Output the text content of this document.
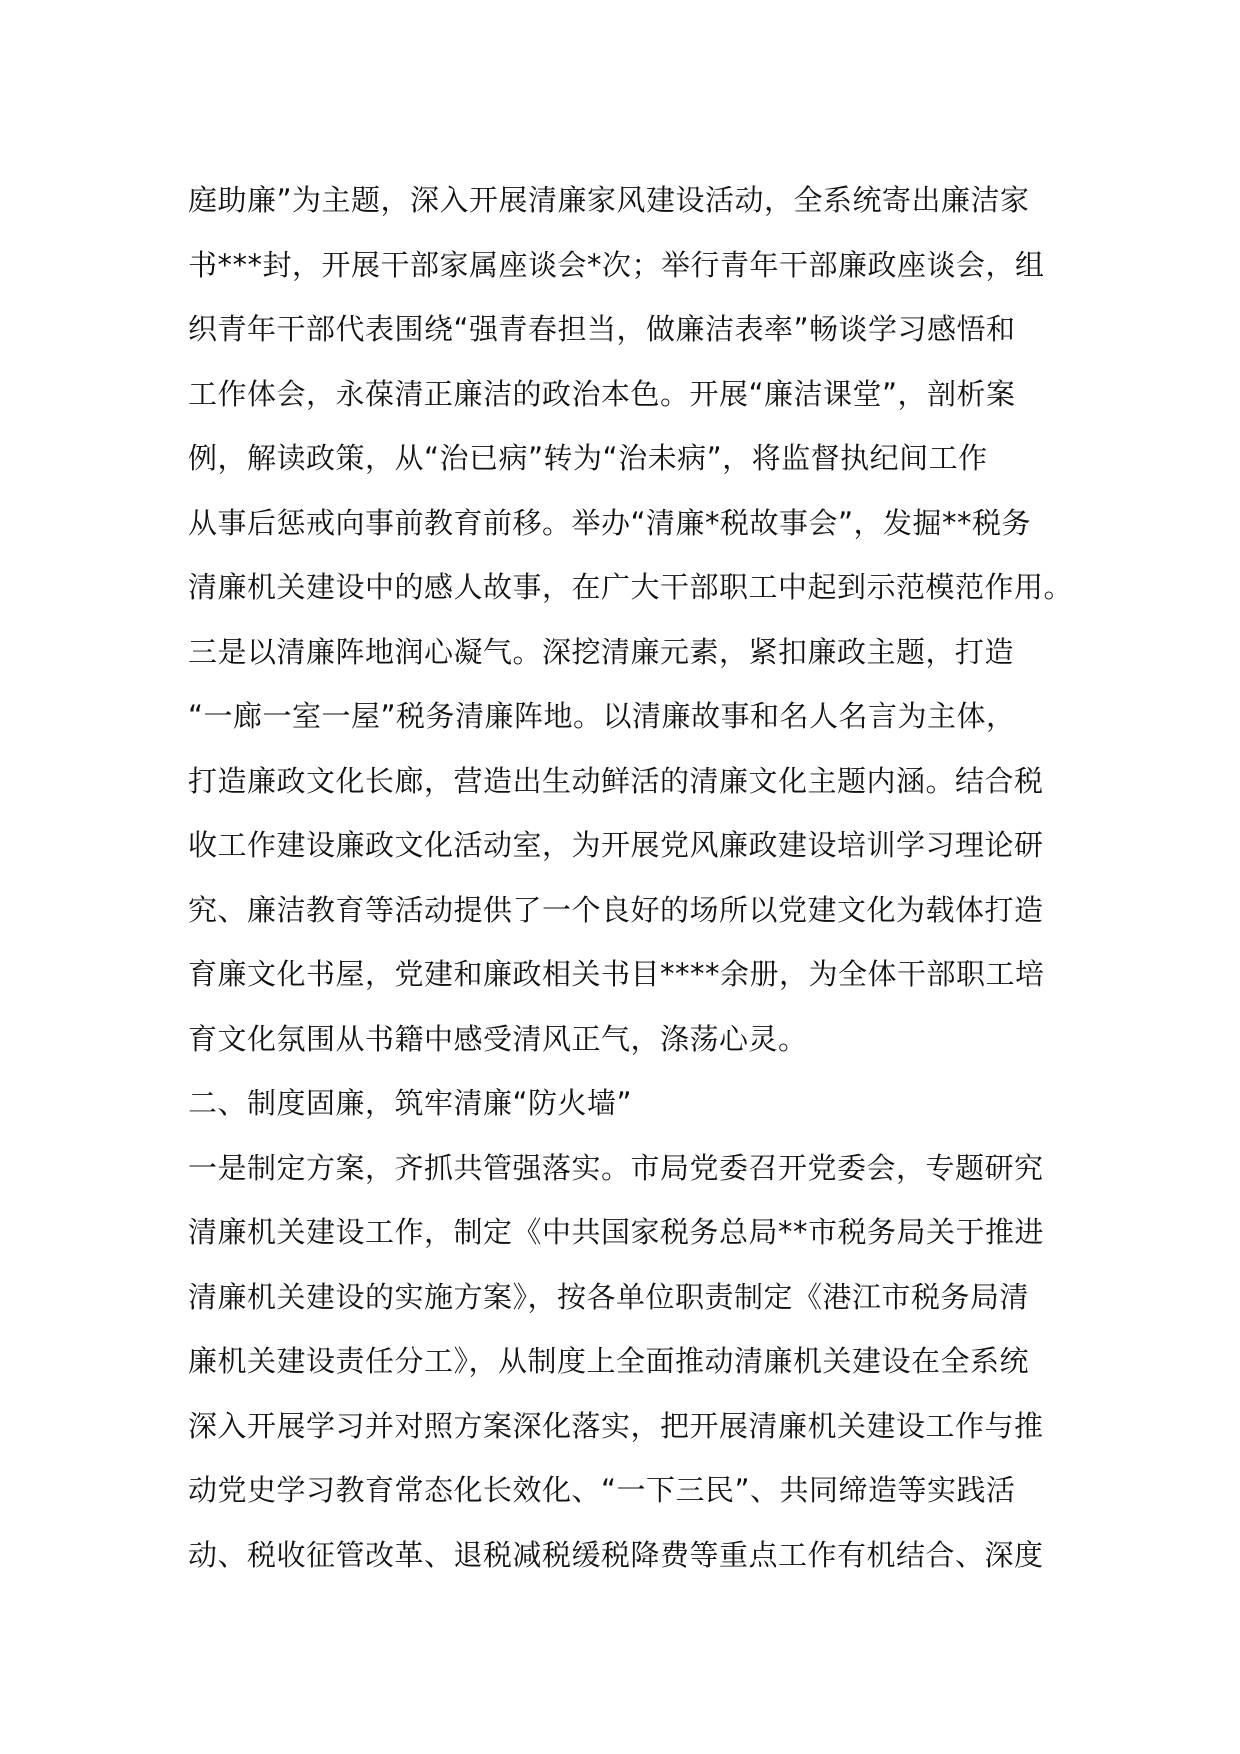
庭助廉”为主题，深入开展清廉家风建设活动，全系统寄出廉洁家
书***封，开展干部家属座谈会*次；举行青年干部廉政座谈会，组
织青年干部代表围绕“强青春担当，做廉洁表率”畅谈学习感悟和
工作体会，永葆清正廉洁的政治本色。开展“廉洁课堂”，剖析案
例，解读政策，从“治已病”转为“治未病”，将监督执纪间工作
从事后惩戒向事前教育前移。举办“清廉*税故事会”，发掘**税务
清廉机关建设中的感人故事，在广大干部职工中起到示范模范作用。
三是以清廉阵地润心凝气。深挖清廉元素，紧扣廉政主题，打造
“一廊一室一屋”税务清廉阵地。以清廉故事和名人名言为主体，
打造廉政文化长廊，营造出生动鲜活的清廉文化主题内涵。结合税
收工作建设廉政文化活动室，为开展党风廉政建设培训学习理论研
究、廉洁教育等活动提供了一个良好的场所以党建文化为载体打造
育廉文化书屋，党建和廉政相关书目****余册，为全体干部职工培
育文化氛围从书籍中感受清风正气，涤荡心灵。
二、制度固廉，筑牢清廉“防火墙”
一是制定方案，齐抓共管强落实。市局党委召开党委会，专题研究
清廉机关建设工作，制定《中共国家税务总局**市税务局关于推进
清廉机关建设的实施方案》，按各单位职责制定《港江市税务局清
廉机关建设责任分工》，从制度上全面推动清廉机关建设在全系统
深入开展学习并对照方案深化落实，把开展清廉机关建设工作与推
动党史学习教育常态化长效化、“一下三民”、共同缔造等实践活
动、税收征管改革、退税减税缓税降费等重点工作有机结合、深度
